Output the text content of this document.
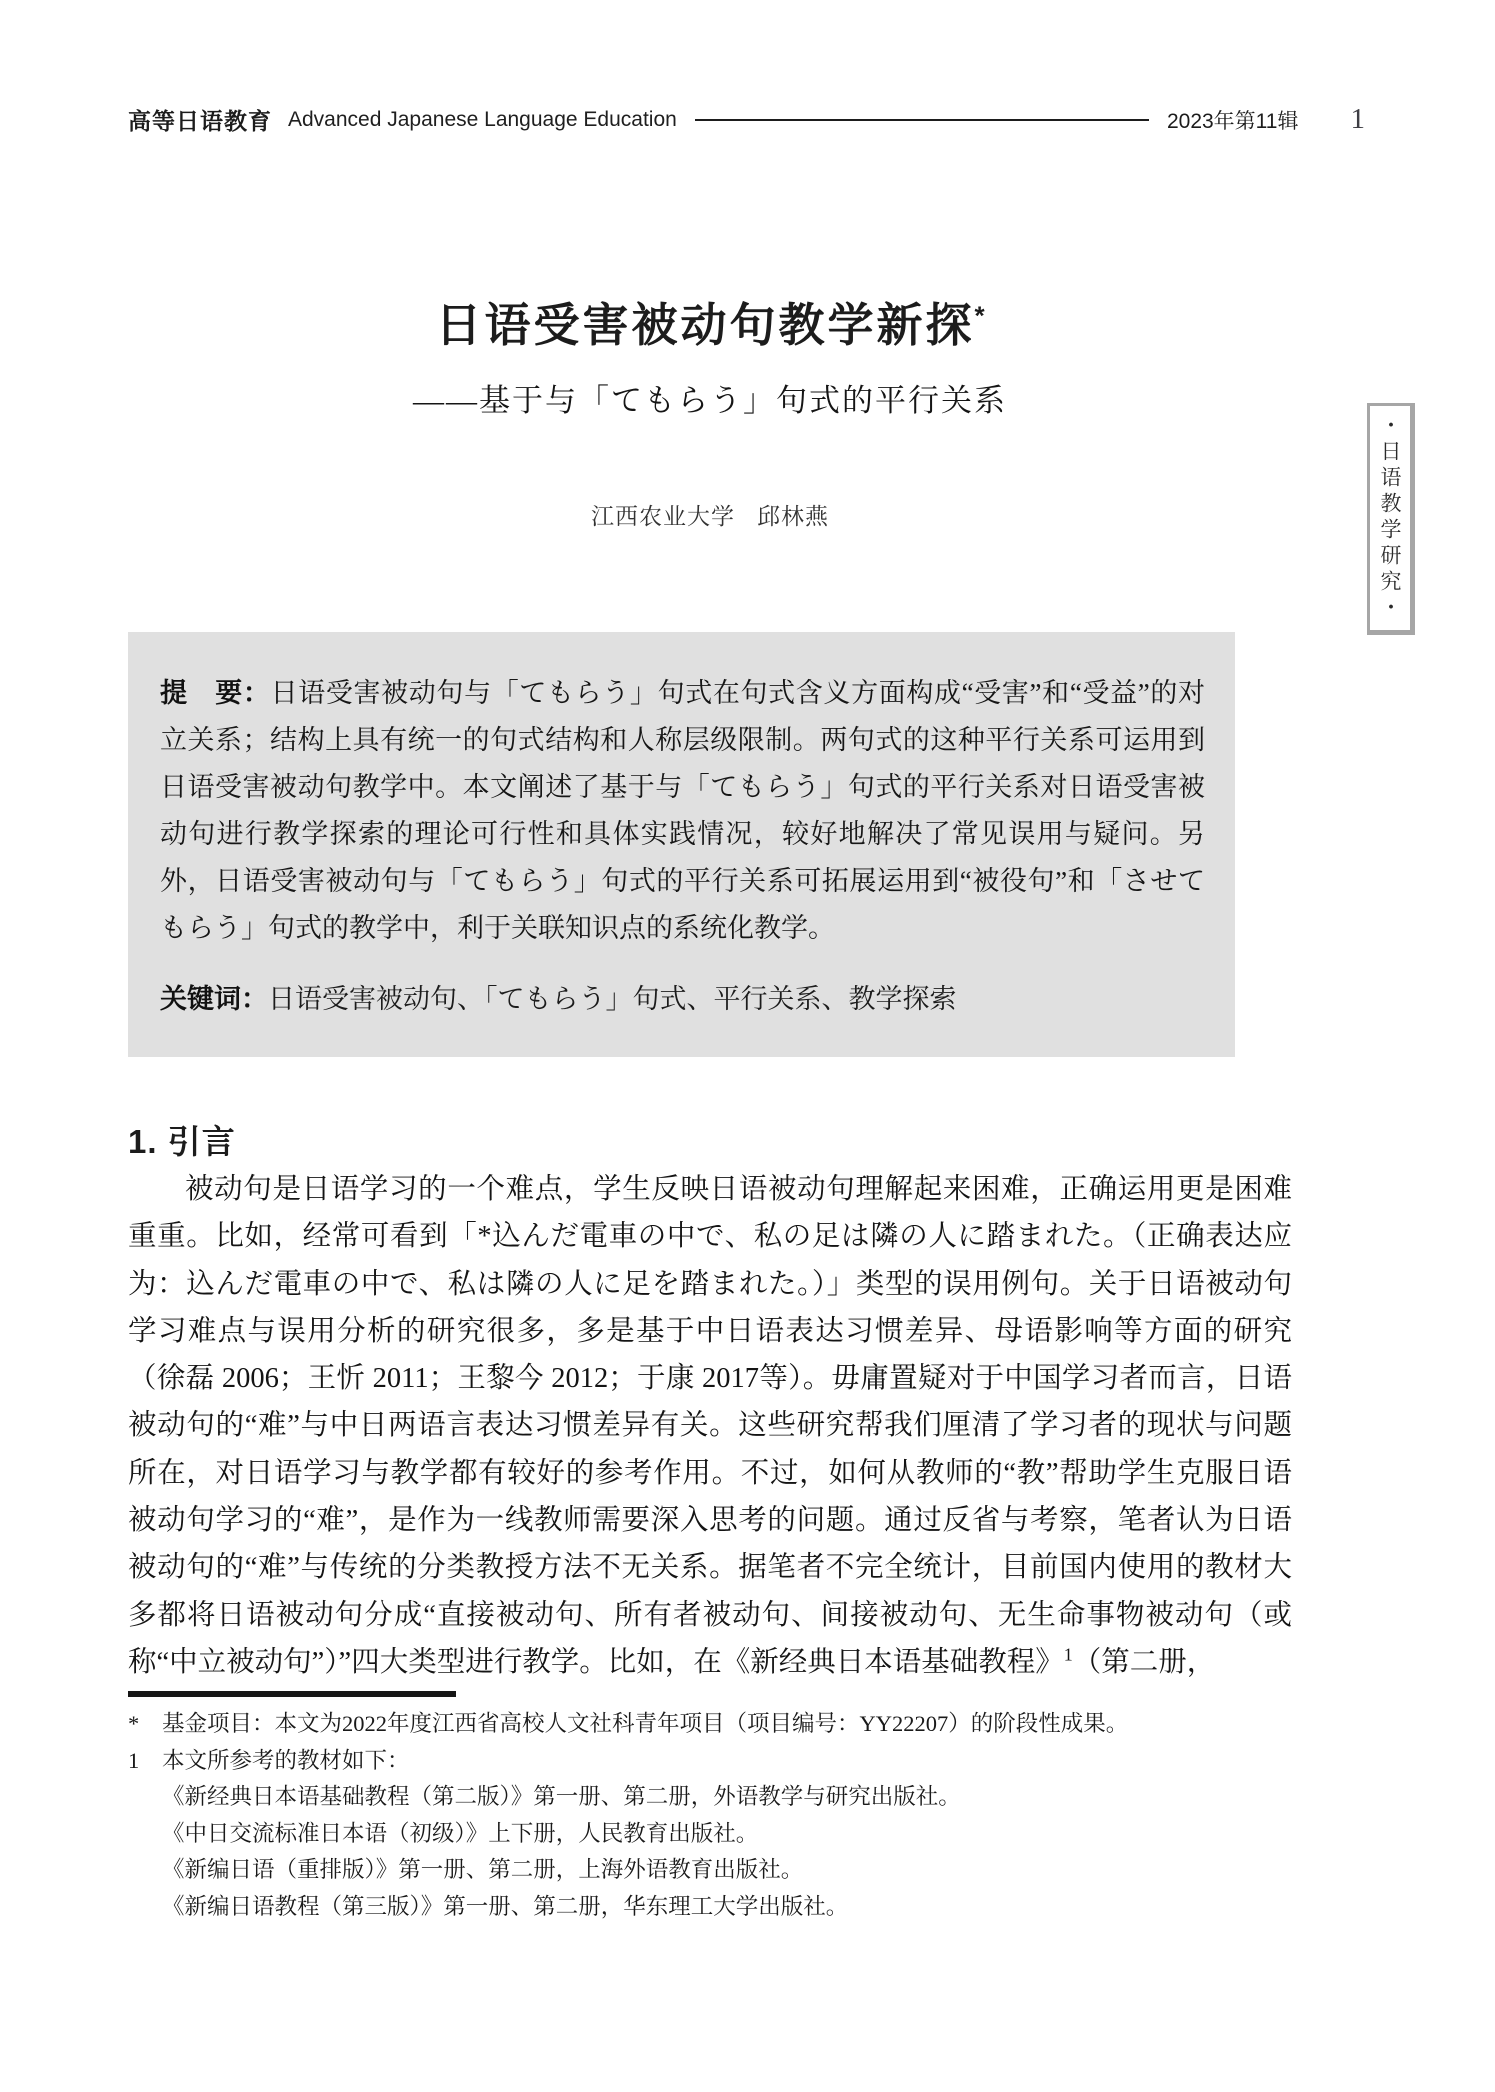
高等日语教育 Advanced Japanese Language Education	2023年第11辑 1
日语受害被动句教学新探*
——基于与「てもらう」句式的平行关系
江西农业大学 邱林燕

提　要：日语受害被动句与「てもらう」句式在句式含义方面构成“受害”和“受益”的对立关系；结构上具有统一的句式结构和人称层级限制。两句式的这种平行关系可运用到日语受害被动句教学中。本文阐述了基于与「てもらう」句式的平行关系对日语受害被动句进行教学探索的理论可行性和具体实践情况，较好地解决了常见误用与疑问。另外，日语受害被动句与「てもらう」句式的平行关系可拓展运用到“被役句”和「させてもらう」句式的教学中，利于关联知识点的系统化教学。

关键词：日语受害被动句、「てもらう」句式、平行关系、教学探索

1. 引言

被动句是日语学习的一个难点，学生反映日语被动句理解起来困难，正确运用更是困难重重。比如，经常可看到「*込んだ電車の中で、私の足は隣の人に踏まれた。（正确表达应为：込んだ電車の中で、私は隣の人に足を踏まれた。）」类型的误用例句。关于日语被动句学习难点与误用分析的研究很多，多是基于中日语表达习惯差异、母语影响等方面的研究（徐磊 2006；王忻 2011；王黎今 2012；于康 2017等）。毋庸置疑对于中国学习者而言，日语被动句的“难”与中日两语言表达习惯差异有关。这些研究帮我们厘清了学习者的现状与问题所在，对日语学习与教学都有较好的参考作用。不过，如何从教师的“教”帮助学生克服日语被动句学习的“难”，是作为一线教师需要深入思考的问题。通过反省与考察，笔者认为日语被动句的“难”与传统的分类教授方法不无关系。据笔者不完全统计，目前国内使用的教材大多都将日语被动句分成“直接被动句、所有者被动句、间接被动句、无生命事物被动句（或称“中立被动句”）”四大类型进行教学。比如，在《新经典日本语基础教程》$^1$（第二册，

*	基金项目：本文为2022年度江西省高校人文社科青年项目（项目编号：YY22207）的阶段性成果。
1	本文所参考的教材如下：
《新经典日本语基础教程（第二版）》第一册、第二册，外语教学与研究出版社。
《中日交流标准日本语（初级）》上下册，人民教育出版社。
《新编日语（重排版）》第一册、第二册，上海外语教育出版社。
《新编日语教程（第三版）》第一册、第二册，华东理工大学出版社。
・日语教学研究・
